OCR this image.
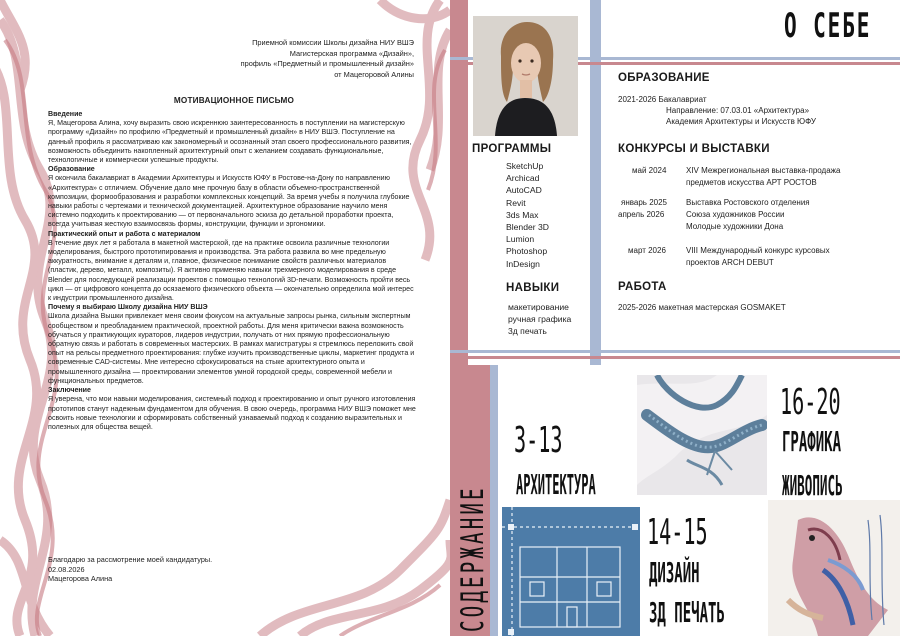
Приемной комиссии Школы дизайна НИУ ВШЭ
Магистерская программа «Дизайн»,
профиль «Предметный и промышленный дизайн»
от Мацегоровой Алины
МОТИВАЦИОННОЕ ПИСЬМО

Введение

Я, Мацегорова Алина, хочу выразить свою искреннюю заинтересованность в поступлении на магистерскую программу «Дизайн» по профилю «Предметный и промышленный дизайн» в НИУ ВШЭ. Поступление на данный профиль я рассматриваю как закономерный и осознанный этап своего профессионального развития, возможность объединить накопленный архитектурный опыт с желанием создавать функциональные, технологичные и коммерчески успешные продукты.

Образование

Я окончила бакалавриат в Академии Архитектуры и Искусств ЮФУ в Ростове-на-Дону по направлению «Архитектура» с отличием. Обучение дало мне прочную базу в области объемно-пространственной композиции, формообразования и разработки комплексных концепций. За время учебы я получила глубокие навыки работы с чертежами и технической документацией. Архитектурное образование научило меня системно подходить к проектированию — от первоначального эскиза до детальной проработки проекта, всегда учитывая жесткую взаимосвязь формы, конструкции, функции и эргономики.

Практический опыт и работа с материалом

В течение двух лет я работала в макетной мастерской, где на практике освоила различные технологии моделирования, быстрого прототипирования и производства. Эта работа развила во мне предельную аккуратность, внимание к деталям и, главное, физическое понимание свойств различных материалов (пластик, дерево, металл, композиты). Я активно применяю навыки трехмерного моделирования в среде Blender для последующей реализации проектов с помощью технологий 3D-печати. Возможность пройти весь цикл — от цифрового концепта до осязаемого физического объекта — окончательно определила мой интерес к индустрии промышленного дизайна.

Почему я выбираю Школу дизайна НИУ ВШЭ

Школа дизайна Вышки привлекает меня своим фокусом на актуальные запросы рынка, сильным экспертным сообществом и преобладанием практической, проектной работы. Для меня критически важна возможность обучаться у практикующих кураторов, лидеров индустрии, получать от них прямую профессиональную обратную связь и работать в современных мастерских. В рамках магистратуры я стремлюсь переложить свой опыт на рельсы предметного проектирования: глубже изучить производственные циклы, маркетинг продукта и современные CAD-системы. Мне интересно сфокусироваться на стыке архитектурного опыта и промышленного дизайна — проектировании элементов умной городской среды, современной мебели и функциональных предметов.

Заключение

Я уверена, что мои навыки моделирования, системный подход к проектированию и опыт ручного изготовления прототипов станут надежным фундаментом для обучения. В свою очередь, программа НИУ ВШЭ поможет мне освоить новые технологии и сформировать собственный узнаваемый подход к созданию выразительных и полезных для общества вещей.

Благодарю за рассмотрение моей кандидатуры.
02.08.2026
Мацегорова Алина
О СЕБЕ
ОБРАЗОВАНИЕ
2021-2026 Бакалавриат
Направление: 07.03.01 «Архитектура»
Академия Архитектуры и Искусств ЮФУ
КОНКУРСЫ И ВЫСТАВКИ
май 2024 XIV Межрегиональная выставка-продажа
предметов искусства АРТ РОСТОВ
январь 2025 Выставка Ростовского отделения
апрель 2026	Союза художников России
Молодые художники Дона
март 2026	VIII Международный конкурс курсовых
проектов ARCH DEBUT
РАБОТА
2025-2026 макетная мастерская GOSMAKET
ПРОГРАММЫ
SketchUp
Archicad
AutoCAD
Revit
3ds Max
Blender 3D
Lumion
Photoshop
InDesign
НАВЫКИ
макетирование
ручная графика
3д печать
СОДЕРЖАНИЕ
3-13
АРХИТЕКТУРА
16-20
ГРАФИКА
ЖИВОПИСЬ
14-15
ДИЗАЙН
3Д ПЕЧАТЬ
